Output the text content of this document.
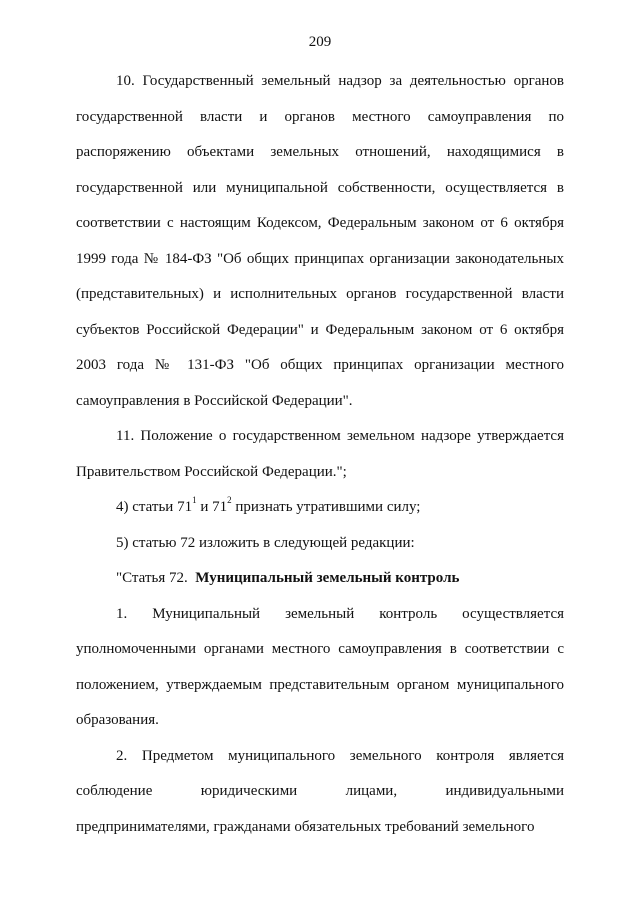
209

10. Государственный земельный надзор за деятельностью органов государственной власти и органов местного самоуправления по распоряжению объектами земельных отношений, находящимися в государственной или муниципальной собственности, осуществляется в соответствии с настоящим Кодексом, Федеральным законом от 6 октября 1999 года № 184-ФЗ "Об общих принципах организации законодательных (представительных) и исполнительных органов государственной власти субъектов Российской Федерации" и Федеральным законом от 6 октября 2003 года № 131-ФЗ "Об общих принципах организации местного самоуправления в Российской Федерации".

11. Положение о государственном земельном надзоре утверждается Правительством Российской Федерации.";

4) статьи $71^1$ и $71^2$ признать утратившими силу;

5) статью 72 изложить в следующей редакции:

"Статья 72. Муниципальный земельный контроль

1. Муниципальный земельный контроль осуществляется уполномоченными органами местного самоуправления в соответствии с положением, утверждаемым представительным органом муниципального образования.

2. Предметом муниципального земельного контроля является соблюдение юридическими лицами, индивидуальными предпринимателями, гражданами обязательных требований земельного
